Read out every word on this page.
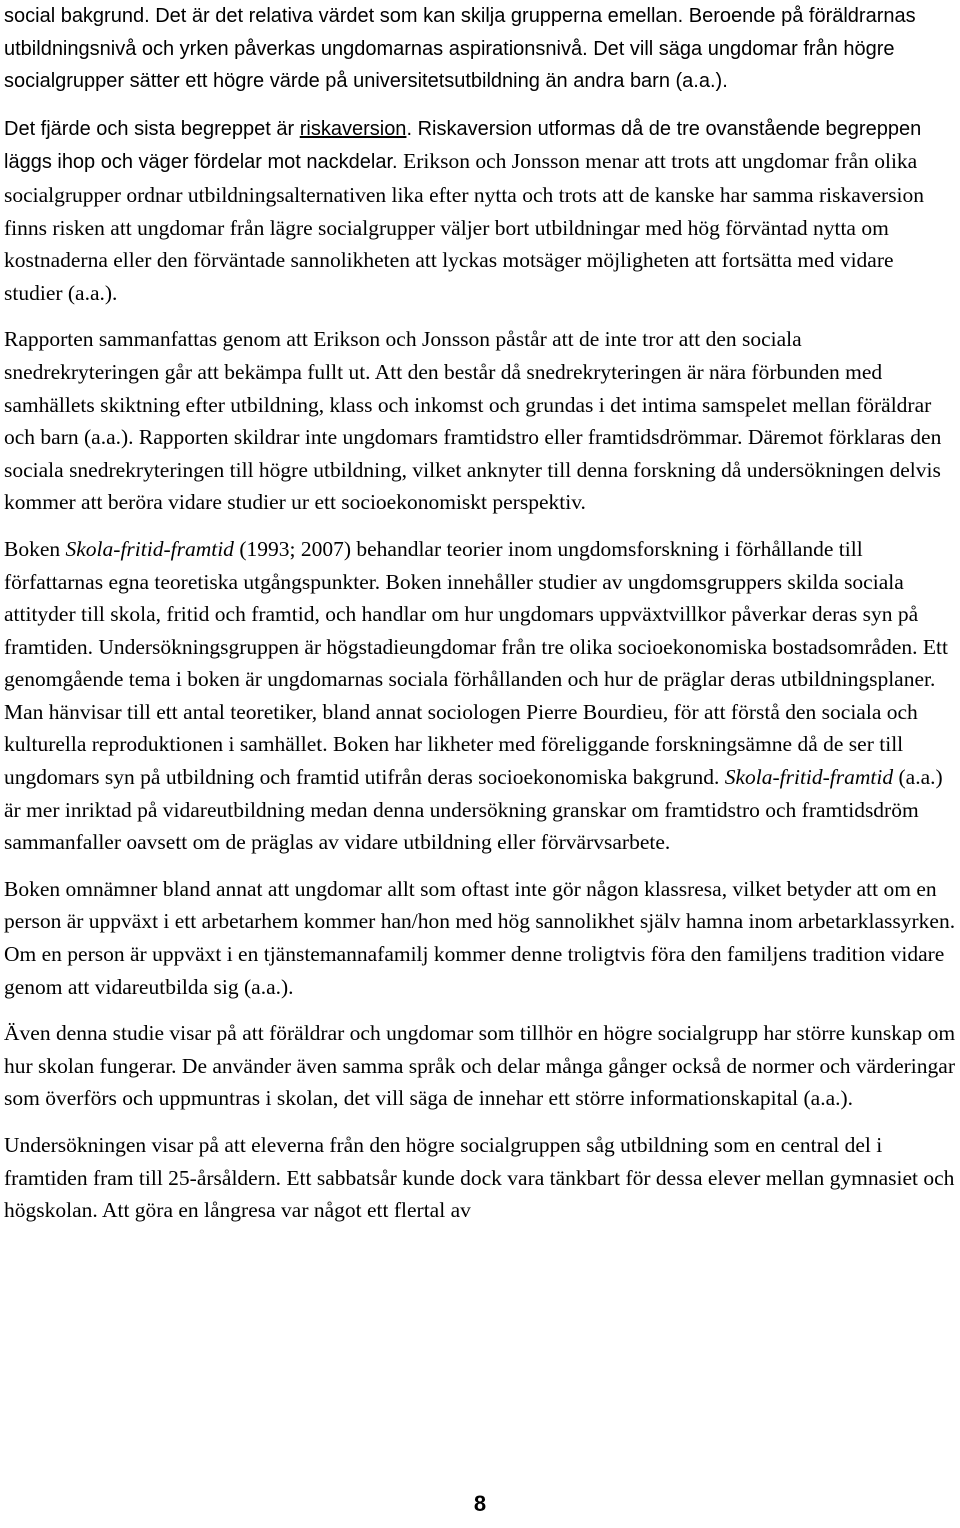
social bakgrund. Det är det relativa värdet som kan skilja grupperna emellan. Beroende på föräldrarnas utbildningsnivå och yrken påverkas ungdomarnas aspirationsnivå. Det vill säga ungdomar från högre socialgrupper sätter ett högre värde på universitetsutbildning än andra barn (a.a.).

Det fjärde och sista begreppet är riskaversion. Riskaversion utformas då de tre ovanstående begreppen läggs ihop och väger fördelar mot nackdelar. Erikson och Jonsson menar att trots att ungdomar från olika socialgrupper ordnar utbildningsalternativen lika efter nytta och trots att de kanske har samma riskaversion finns risken att ungdomar från lägre socialgrupper väljer bort utbildningar med hög förväntad nytta om kostnaderna eller den förväntade sannolikheten att lyckas motsäger möjligheten att fortsätta med vidare studier (a.a.).

Rapporten sammanfattas genom att Erikson och Jonsson påstår att de inte tror att den sociala snedrekryteringen går att bekämpa fullt ut. Att den består då snedrekryteringen är nära förbunden med samhällets skiktning efter utbildning, klass och inkomst och grundas i det intima samspelet mellan föräldrar och barn (a.a.). Rapporten skildrar inte ungdomars framtidstro eller framtidsdrömmar. Däremot förklaras den sociala snedrekryteringen till högre utbildning, vilket anknyter till denna forskning då undersökningen delvis kommer att beröra vidare studier ur ett socioekonomiskt perspektiv.

Boken Skola-fritid-framtid (1993; 2007) behandlar teorier inom ungdomsforskning i förhållande till författarnas egna teoretiska utgångspunkter. Boken innehåller studier av ungdomsgruppers skilda sociala attityder till skola, fritid och framtid, och handlar om hur ungdomars uppväxtvillkor påverkar deras syn på framtiden. Undersökningsgruppen är högstadieungdomar från tre olika socioekonomiska bostadsområden. Ett genomgående tema i boken är ungdomarnas sociala förhållanden och hur de präglar deras utbildningsplaner. Man hänvisar till ett antal teoretiker, bland annat sociologen Pierre Bourdieu, för att förstå den sociala och kulturella reproduktionen i samhället. Boken har likheter med föreliggande forskningsämne då de ser till ungdomars syn på utbildning och framtid utifrån deras socioekonomiska bakgrund. Skola-fritid-framtid (a.a.) är mer inriktad på vidareutbildning medan denna undersökning granskar om framtidstro och framtidsdröm sammanfaller oavsett om de präglas av vidare utbildning eller förvärvsarbete.

Boken omnämner bland annat att ungdomar allt som oftast inte gör någon klassresa, vilket betyder att om en person är uppväxt i ett arbetarhem kommer han/hon med hög sannolikhet själv hamna inom arbetarklassyrken. Om en person är uppväxt i en tjänstemannafamilj kommer denne troligtvis föra den familjens tradition vidare genom att vidareutbilda sig (a.a.).

Även denna studie visar på att föräldrar och ungdomar som tillhör en högre socialgrupp har större kunskap om hur skolan fungerar. De använder även samma språk och delar många gånger också de normer och värderingar som överförs och uppmuntras i skolan, det vill säga de innehar ett större informationskapital (a.a.).

Undersökningen visar på att eleverna från den högre socialgruppen såg utbildning som en central del i framtiden fram till 25-årsåldern. Ett sabbatsår kunde dock vara tänkbart för dessa elever mellan gymnasiet och högskolan. Att göra en långresa var något ett flertal av

8
